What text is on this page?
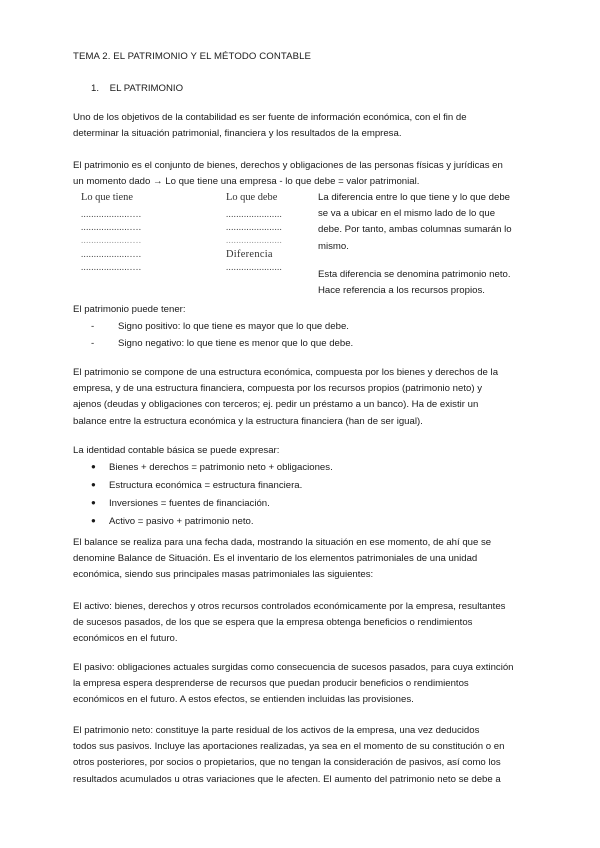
TEMA 2. EL PATRIMONIO Y EL MÉTODO CONTABLE
1. EL PATRIMONIO
Uno de los objetivos de la contabilidad es ser fuente de información económica, con el fin de
determinar la situación patrimonial, financiera y los resultados de la empresa.
El patrimonio es el conjunto de bienes, derechos y obligaciones de las personas físicas y jurídicas en
un momento dado → Lo que tiene una empresa - lo que debe = valor patrimonial.
Lo que tiene
...................….
...................….
...................….
...................….
...................….
Lo que debe
......................
......................
......................
Diferencia
......................
La diferencia entre lo que tiene y lo que debe
se va a ubicar en el mismo lado de lo que
debe. Por tanto, ambas columnas sumarán lo
mismo.
Esta diferencia se denomina patrimonio neto.
Hace referencia a los recursos propios.
El patrimonio puede tener:
- Signo positivo: lo que tiene es mayor que lo que debe.
- Signo negativo: lo que tiene es menor que lo que debe.
El patrimonio se compone de una estructura económica, compuesta por los bienes y derechos de la
empresa, y de una estructura financiera, compuesta por los recursos propios (patrimonio neto) y
ajenos (deudas y obligaciones con terceros; ej. pedir un préstamo a un banco). Ha de existir un
balance entre la estructura económica y la estructura financiera (han de ser igual).
La identidad contable básica se puede expresar:
● Bienes + derechos = patrimonio neto + obligaciones.
● Estructura económica = estructura financiera.
● Inversiones = fuentes de financiación.
● Activo = pasivo + patrimonio neto.
El balance se realiza para una fecha dada, mostrando la situación en ese momento, de ahí que se
denomine Balance de Situación. Es el inventario de los elementos patrimoniales de una unidad
económica, siendo sus principales masas patrimoniales las siguientes:
El activo: bienes, derechos y otros recursos controlados económicamente por la empresa, resultantes
de sucesos pasados, de los que se espera que la empresa obtenga beneficios o rendimientos
económicos en el futuro.
El pasivo: obligaciones actuales surgidas como consecuencia de sucesos pasados, para cuya extinción
la empresa espera desprenderse de recursos que puedan producir beneficios o rendimientos
económicos en el futuro. A estos efectos, se entienden incluidas las provisiones.
El patrimonio neto: constituye la parte residual de los activos de la empresa, una vez deducidos
todos sus pasivos. Incluye las aportaciones realizadas, ya sea en el momento de su constitución o en
otros posteriores, por socios o propietarios, que no tengan la consideración de pasivos, así como los
resultados acumulados u otras variaciones que le afecten. El aumento del patrimonio neto se debe a
